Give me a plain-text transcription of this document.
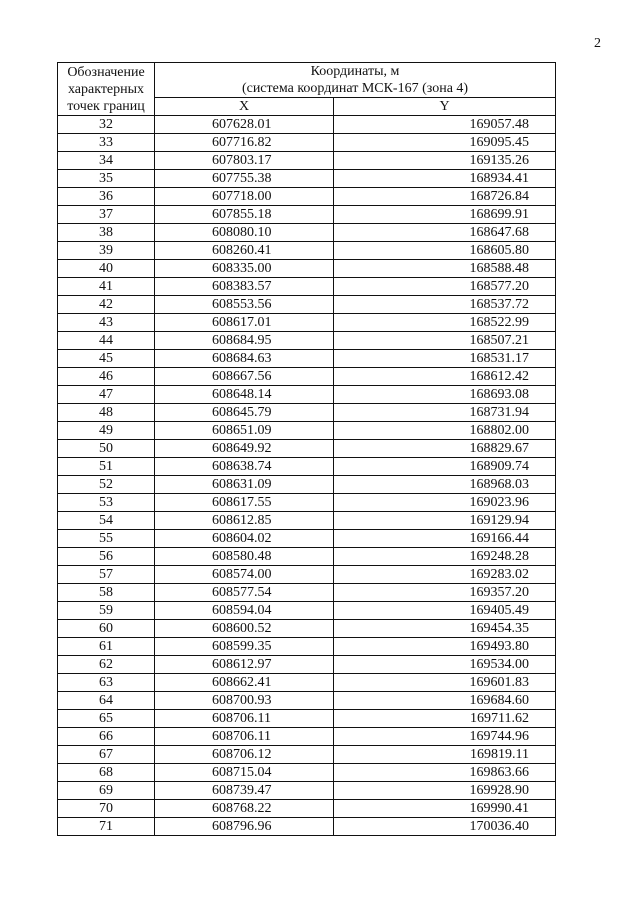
2
Обозначение
характерных
точек границ	Координаты, м
(система координат МСК-167 (зона 4)	

	X	Y
32	607628.01	169057.48
33	607716.82	169095.45
34	607803.17	169135.26
35	607755.38	168934.41
36	607718.00	168726.84
37	607855.18	168699.91
38	608080.10	168647.68
39	608260.41	168605.80
40	608335.00	168588.48
41	608383.57	168577.20
42	608553.56	168537.72
43	608617.01	168522.99
44	608684.95	168507.21
45	608684.63	168531.17
46	608667.56	168612.42
47	608648.14	168693.08
48	608645.79	168731.94
49	608651.09	168802.00
50	608649.92	168829.67
51	608638.74	168909.74
52	608631.09	168968.03
53	608617.55	169023.96
54	608612.85	169129.94
55	608604.02	169166.44
56	608580.48	169248.28
57	608574.00	169283.02
58	608577.54	169357.20
59	608594.04	169405.49
60	608600.52	169454.35
61	608599.35	169493.80
62	608612.97	169534.00
63	608662.41	169601.83
64	608700.93	169684.60
65	608706.11	169711.62
66	608706.11	169744.96
67	608706.12	169819.11
68	608715.04	169863.66
69	608739.47	169928.90
70	608768.22	169990.41
71	608796.96	170036.40
